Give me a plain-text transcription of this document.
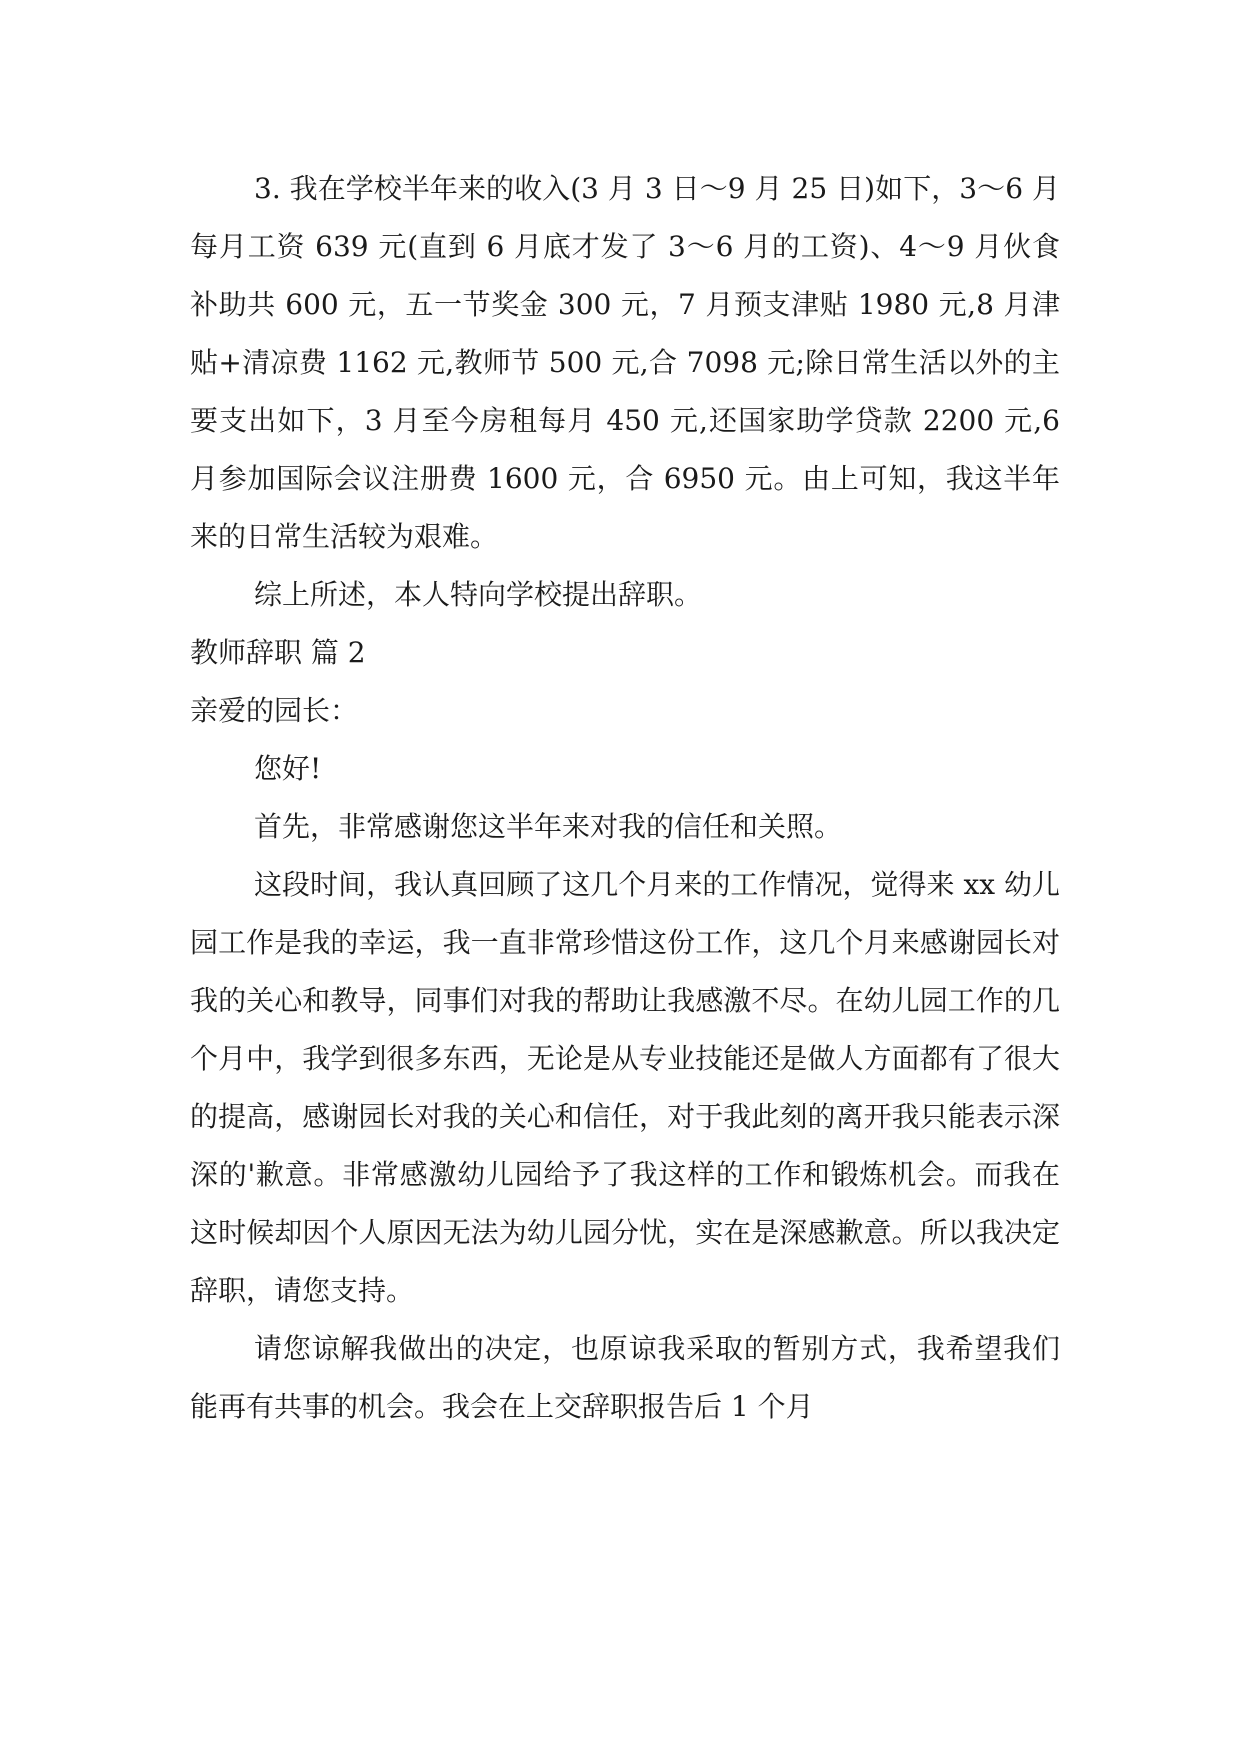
3. 我在学校半年来的收入(3 月 3 日～9 月 25 日)如下，3～6 月每月工资 639 元(直到 6 月底才发了 3～6 月的工资)、4～9 月伙食补助共 600 元，五一节奖金 300 元，7 月预支津贴 1980 元,8 月津贴+清凉费 1162 元,教师节 500 元,合 7098 元;除日常生活以外的主要支出如下，3 月至今房租每月 450 元,还国家助学贷款 2200 元,6 月参加国际会议注册费 1600 元，合 6950 元。由上可知，我这半年来的日常生活较为艰难。

综上所述，本人特向学校提出辞职。

教师辞职 篇 2

亲爱的园长：

您好!

首先，非常感谢您这半年来对我的信任和关照。

这段时间，我认真回顾了这几个月来的工作情况，觉得来 xx 幼儿园工作是我的幸运，我一直非常珍惜这份工作，这几个月来感谢园长对我的关心和教导，同事们对我的帮助让我感激不尽。在幼儿园工作的几个月中，我学到很多东西，无论是从专业技能还是做人方面都有了很大的提高，感谢园长对我的关心和信任，对于我此刻的离开我只能表示深深的'歉意。非常感激幼儿园给予了我这样的工作和锻炼机会。而我在这时候却因个人原因无法为幼儿园分忧，实在是深感歉意。所以我决定辞职，请您支持。

请您谅解我做出的决定，也原谅我采取的暂别方式，我希望我们能再有共事的机会。我会在上交辞职报告后 1 个月
